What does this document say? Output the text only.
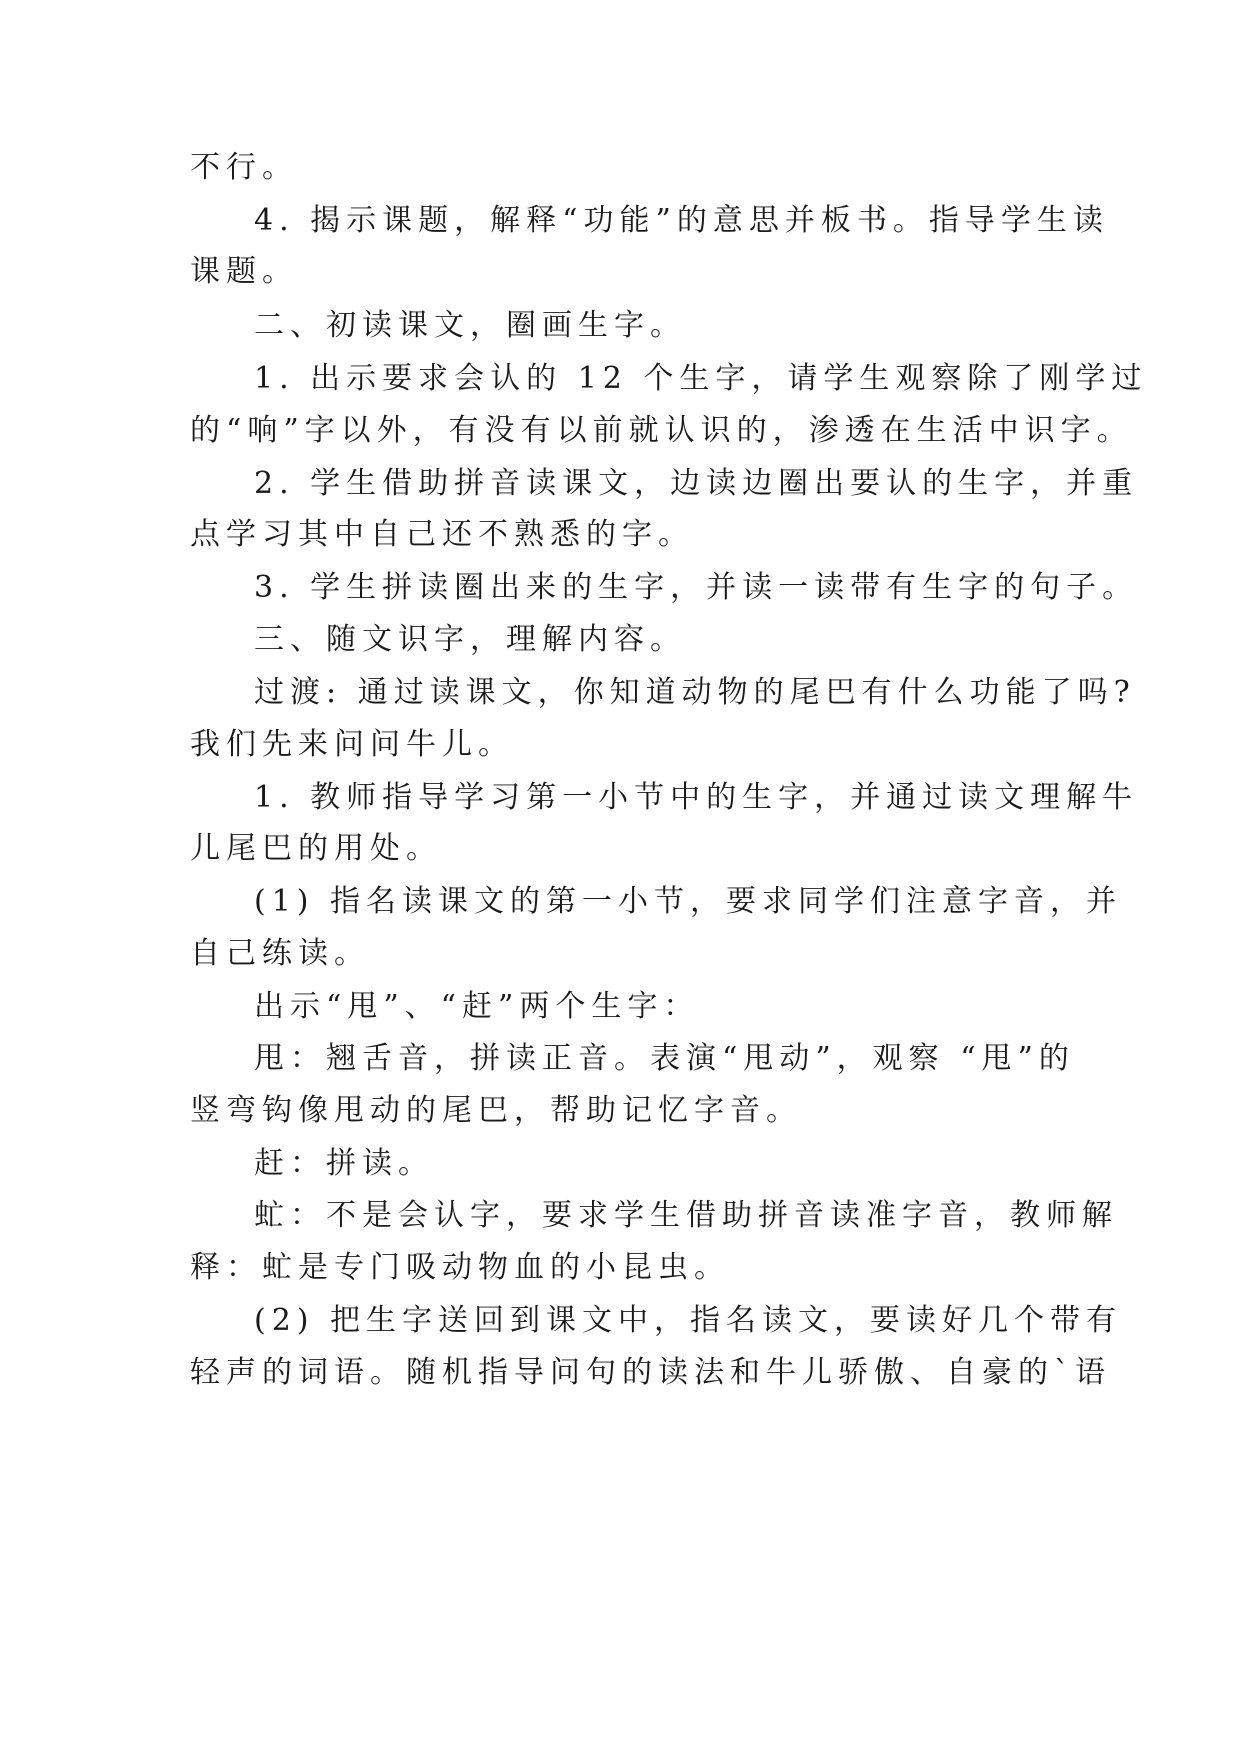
不行。

4. 揭示课题，解释“功能”的意思并板书。指导学生读

课题。

二、初读课文，圈画生字。

1. 出示要求会认的 12 个生字，请学生观察除了刚学过

的“响”字以外，有没有以前就认识的，渗透在生活中识字。

2. 学生借助拼音读课文，边读边圈出要认的生字，并重

点学习其中自己还不熟悉的字。

3. 学生拼读圈出来的生字，并读一读带有生字的句子。

三、随文识字，理解内容。

过渡: 通过读课文，你知道动物的尾巴有什么功能了吗?

我们先来问问牛儿。

1. 教师指导学习第一小节中的生字，并通过读文理解牛

儿尾巴的用处。

(1) 指名读课文的第一小节，要求同学们注意字音，并

自己练读。

出示“甩”、“赶”两个生字：

甩：翘舌音，拼读正音。表演“甩动”，观察 “甩”的

竖弯钩像甩动的尾巴，帮助记忆字音。

赶：拼读。

虻：不是会认字，要求学生借助拼音读准字音，教师解

释：虻是专门吸动物血的小昆虫。

(2) 把生字送回到课文中，指名读文，要读好几个带有

轻声的词语。随机指导问句的读法和牛儿骄傲、自豪的`语
